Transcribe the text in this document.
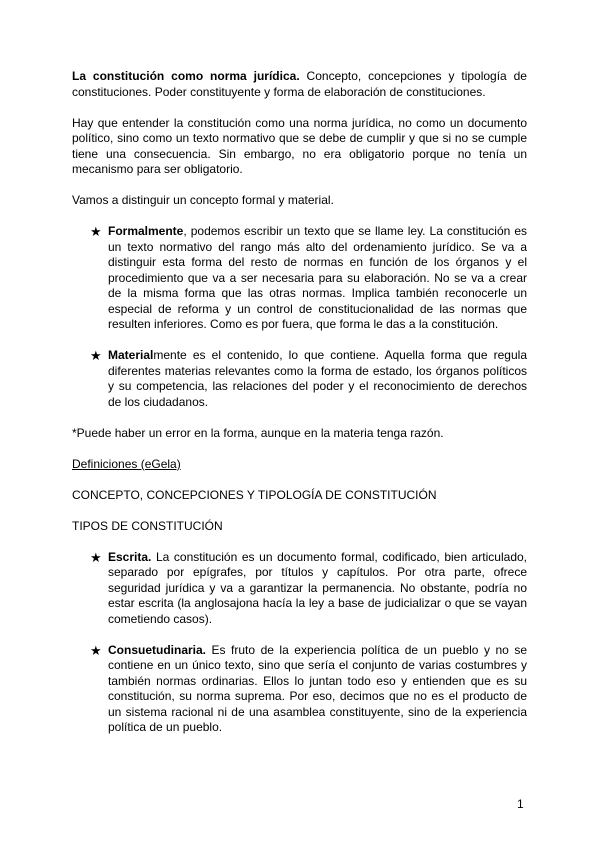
La constitución como norma jurídica. Concepto, concepciones y tipología de constituciones. Poder constituyente y forma de elaboración de constituciones.

Hay que entender la constitución como una norma jurídica, no como un documento político, sino como un texto normativo que se debe de cumplir y que si no se cumple tiene una consecuencia. Sin embargo, no era obligatorio porque no tenía un mecanismo para ser obligatorio.

Vamos a distinguir un concepto formal y material.

★ Formalmente, podemos escribir un texto que se llame ley. La constitución es un texto normativo del rango más alto del ordenamiento jurídico. Se va a distinguir esta forma del resto de normas en función de los órganos y el procedimiento que va a ser necesaria para su elaboración. No se va a crear de la misma forma que las otras normas. Implica también reconocerle un especial de reforma y un control de constitucionalidad de las normas que resulten inferiores. Como es por fuera, que forma le das a la constitución.

★ Materialmente es el contenido, lo que contiene. Aquella forma que regula diferentes materias relevantes como la forma de estado, los órganos políticos y su competencia, las relaciones del poder y el reconocimiento de derechos de los ciudadanos.

*Puede haber un error en la forma, aunque en la materia tenga razón.

Definiciones (eGela)

CONCEPTO, CONCEPCIONES Y TIPOLOGÍA DE CONSTITUCIÓN

TIPOS DE CONSTITUCIÓN

★ Escrita. La constitución es un documento formal, codificado, bien articulado, separado por epígrafes, por títulos y capítulos. Por otra parte, ofrece seguridad jurídica y va a garantizar la permanencia. No obstante, podría no estar escrita (la anglosajona hacía la ley a base de judicializar o que se vayan cometiendo casos).

★ Consuetudinaria. Es fruto de la experiencia política de un pueblo y no se contiene en un único texto, sino que sería el conjunto de varias costumbres y también normas ordinarias. Ellos lo juntan todo eso y entienden que es su constitución, su norma suprema. Por eso, decimos que no es el producto de un sistema racional ni de una asamblea constituyente, sino de la experiencia política de un pueblo.

1
